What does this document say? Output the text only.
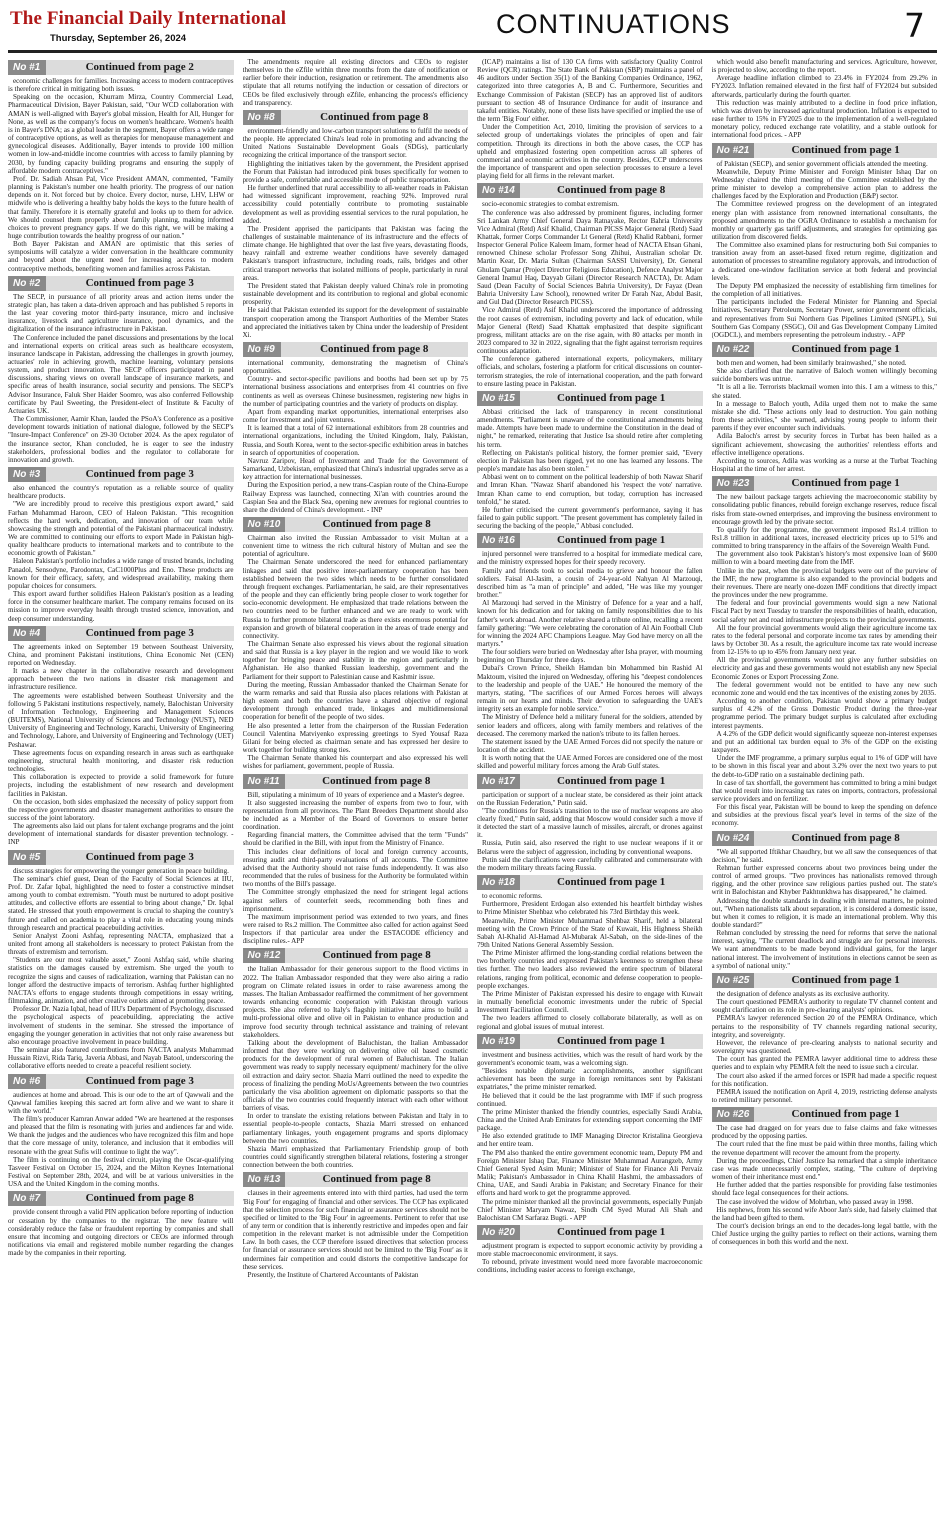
The Financial Daily International
Thursday, September 26, 2024	CONTINUATIONS	7
No #1	Continued from page 2

economic challenges for families. Increasing access to modern contraceptives is therefore critical in mitigating both issues.

Speaking on the occasion, Khurram Mirza, Country Commercial Lead, Pharmaceutical Division, Bayer Pakistan, said, "Our WCD collaboration with AMAN is well-aligned with Bayer's global mission, Health for All, Hunger for None, as well as the company's focus on women's healthcare. Women's health is in Bayer's DNA; as a global leader in the segment, Bayer offers a wide range of contraceptive options, as well as therapies for menopause management and gynecological diseases. Additionally, Bayer intends to provide 100 million women in low-and-middle income countries with access to family planning by 2030, by funding capacity building programs and ensuring the supply of affordable modern contraceptives."

Prof. Dr. Sadiah Ahsan Pal, Vice President AMAN, commented, "Family planning is Pakistan's number one health priority. The progress of our nation depends on it. Not forced but by choice. Every doctor, nurse, LHV, LHW or midwife who is delivering a healthy baby holds the keys to the future health of that family. Therefore it is eternally grateful and looks up to them for advice. We should counsel them properly about family planning, making informed choices to prevent pregnancy gaps. If we do this right, we will be making a huge contribution towards the healthy progress of our nation."

Both Bayer Pakistan and AMAN are optimistic that this series of symposiums will catalyze a wider conversation in the healthcare community and beyond about the urgent need for increasing access to modern contraceptive methods, benefiting women and families across Pakistan.

No #2	Continued from page 3

The SECP, in pursuance of all priority areas and action items under the strategic plan, has taken a data-driven approach and has published 5 reports in the last year covering motor third-party insurance, micro and inclusive insurance, livestock and agriculture insurance, pool dynamics, and the digitalization of the insurance infrastructure in Pakistan.

The Conference included the panel discussions and presentations by the local and international experts on critical areas such as healthcare ecosystem, insurance landscape in Pakistan, addressing the challenges in growth journey, actuaries' role in achieving growth, machine learning, voluntary pensions system, and product innovation. The SECP officers participated in panel discussions, sharing views on overall landscape of insurance markets, and specific areas of health insurance, social security and pensions. The SECP's Advisor Insurance, Faluk Sher Haider Soomro, was also conferred Fellowship certificate by Paul Sweeting, the President-elect of Institute & Faculty of Actuaries UK.

The Commissioner, Aamir Khan, lauded the PSoA's Conference as a positive development towards initiation of national dialogue, followed by the SECP's "Insure-Impact Conference" on 29-30 October 2024. As the apex regulator of the insurance sector, Khan concluded, he is eager to see the industry stakeholders, professional bodies and the regulator to collaborate for innovation and growth.

No #3	Continued from page 3

also enhanced the country's reputation as a reliable source of quality healthcare products.

"We are incredibly proud to receive this prestigious export award," said Farhan Muhammad Haroon, CEO of Haleon Pakistan. "This recognition reflects the hard work, dedication, and innovation of our team while showcasing the strength and potential of the Pakistani pharmaceutical industry. We are committed to continuing our efforts to export Made in Pakistan high-quality healthcare products to international markets and to contribute to the economic growth of Pakistan."

Haleon Pakistan's portfolio includes a wide range of trusted brands, including Panadol, Sensodyne, Parodontax, CaC1000Plus and Eno. These products are known for their efficacy, safety, and widespread availability, making them popular choices for consumers.

This export award further solidifies Haleon Pakistan's position as a leading force in the consumer healthcare market. The company remains focused on its mission to improve everyday health through trusted science, innovation, and deep consumer understanding.

No #4	Continued from page 3

The agreements inked on September 19 between Southeast University, China, and prominent Pakistani institutions, China Economic Net (CEN) reported on Wednesday.

It marks a new chapter in the collaborative research and development approach between the two nations in disaster risk management and infrastructure resilience.

The agreements were established between Southeast University and the following 5 Pakistani institutions respectively, namely, Balochistan University of Information Technology, Engineering and Management Sciences (BUITEMS), National University of Sciences and Technology (NUST), NED University of Engineering and Technology, Karachi, University of Engineering and Technology, Lahore, and University of Engineering and Technology (UET) Peshawar.

These agreements focus on expanding research in areas such as earthquake engineering, structural health monitoring, and disaster risk reduction technologies.

This collaboration is expected to provide a solid framework for future projects, including the establishment of new research and development facilities in Pakistan.

On the occasion, both sides emphasized the necessity of policy support from the respective governments and disaster management authorities to ensure the success of the joint laboratory.

The agreements also laid out plans for talent exchange programs and the joint development of international standards for disaster prevention technology. - INP

No #5	Continued from page 3

discuss strategies for empowering the younger generation in peace building.

The seminar's chief guest, Dean of the Faculty of Social Sciences at IIU, Prof. Dr. Zafar Iqbal, highlighted the need to foster a constructive mindset among youth to combat extremism. "Youth must be nurtured to adopt positive attitudes, and collective efforts are essential to bring about change," Dr. Iqbal stated. He stressed that youth empowerment is crucial to shaping the country's future and called on academia to play a vital role in educating young minds through research and practical peacebuilding activities.

Senior Analyst Zooni Ashfaq, representing NACTA, emphasized that a united front among all stakeholders is necessary to protect Pakistan from the threats of extremism and terrorism.

"Students are our most valuable asset," Zooni Ashfaq said, while sharing statistics on the damages caused by extremism. She urged the youth to recognize the signs and causes of radicalization, warning that Pakistan can no longer afford the destructive impacts of terrorism. Ashfaq further highlighted NACTA's efforts to engage students through competitions in essay writing, filmmaking, animation, and other creative outlets aimed at promoting peace.

Professor Dr. Nazia Iqbal, head of IIU's Department of Psychology, discussed the psychological aspects of peacebuilding, appreciating the active involvement of students in the seminar. She stressed the importance of engaging the younger generation in activities that not only raise awareness but also encourage proactive involvement in peace building.

The seminar also featured contributions from NACTA analysts Muhammad Hussain Rizvi, Rida Tariq, Javeria Abbasi, and Nayab Batool, underscoring the collaborative efforts needed to create a peaceful resilient society.

No #6	Continued from page 3

audiences at home and abroad. This is our ode to the art of Qawwali and the Qawwal families keeping this sacred art form alive and we want to share it with the world."

The film's producer Kamran Anwar added "We are heartened at the responses and pleased that the film is resonating with juries and audiences far and wide. We thank the judges and the audiences who have recognized this film and hope that the core message of unity, tolerance, and inclusion that it embodies will resonate with the great Sufis will continue to light the way".

The film is continuing on the festival circuit, playing the Oscar-qualifying Tasveer Festival on October 15, 2024, and the Milton Keynes International Festival on September 28th, 2024, and will be at various universities in the USA and the United Kingdom in the coming months.

No #7	Continued from page 8

provide consent through a valid PIN application before reporting of induction or cessation by the companies to the registrar. The new feature will considerably reduce the false or fraudulent reporting by companies and shall ensure that incoming and outgoing directors or CEOs are informed through notifications via email and registered mobile number regarding the changes made by the companies in their reporting.

The amendments require all existing directors and CEOs to register themselves in the eZfile within three months from the date of notification or earlier before their induction, resignation or retirement. The amendments also stipulate that all returns notifying the induction or cessation of directors or CEOs be filed exclusively through eZfile, enhancing the process's efficiency and transparency.

No #8	Continued from page 8

environment-friendly and low-carbon transport solutions to fulfil the needs of the people. He appreciated China's lead role in promoting and advancing the United Nations Sustainable Development Goals (SDGs), particularly recognizing the critical importance of the transport sector.

Highlighting the initiatives taken by the government, the President apprised the Forum that Pakistan had introduced pink buses specifically for women to provide a safe, comfortable and accessible mode of public transportation.

He further underlined that rural accessibility to all-weather roads in Pakistan had witnessed significant improvement, reaching 92%. Improved rural accessibility could potentially contribute to promoting sustainable development as well as providing essential services to the rural population, he added.

The President apprised the participants that Pakistan was facing the challenges of sustainable maintenance of its infrastructure and the effects of climate change. He highlighted that over the last five years, devastating floods, heavy rainfall and extreme weather conditions have severely damaged Pakistan's transport infrastructure, including roads, rails, bridges and other critical transport networks that isolated millions of people, particularly in rural areas.

The President stated that Pakistan deeply valued China's role in promoting sustainable development and its contribution to regional and global economic prosperity.

He said that Pakistan extended its support for the development of sustainable transport cooperation among the Transport Authorities of the Member States and appreciated the initiatives taken by China under the leadership of President Xi.

No #9	Continued from page 8

international community, demonstrating the magnetism of China's opportunities.

Country- and sector-specific pavilions and booths had been set up by 75 international business associations and enterprises from 41 countries on five continents as well as overseas Chinese businessmen, registering new highs in the number of participating countries and the variety of products on display.

Apart from expanding market opportunities, international enterprises also come for investment and joint ventures.

It is learned that a total of 62 international exhibitors from 28 countries and international organizations, including the United Kingdom, Italy, Pakistan, Russia, and South Korea, went to the sector-specific exhibition areas in batches in search of opportunities of cooperation.

Navruz Zaripov, Head of Investment and Trade for the Government of Samarkand, Uzbekistan, emphasized that China's industrial upgrades serve as a key attraction for international businesses.

During the Exposition period, a new trans-Caspian route of the China-Europe Railway Express was launched, connecting Xi'an with countries around the Caspian Sea and the Black Sea, opening new avenues for regional countries to share the dividend of China's development. - INP

No #10	Continued from page 8

Chairman also invited the Russian Ambassador to visit Multan at a convenient time to witness the rich cultural history of Multan and see the potential of agriculture.

The Chairman Senate underscored the need for enhanced parliamentary linkages and said that positive inter-parliamentary cooperation has been established between the two sides which needs to be further consolidated through frequent exchanges. Parliamentarian, he said, are their representatives of the people and they can efficiently bring people closer to work together for socio-economic development. He emphasized that trade relations between the two countries need to be further enhanced and we are ready to work with Russia to further promote bilateral trade as there exists enormous potential for expansion and growth of bilateral cooperation in the areas of trade energy and connectivity.

The Chairman Senate also expressed his views about the regional situation and said that Russia is a key player in the region and we would like to work together for bringing peace and stability in the region and particularly in Afghanistan. He also thanked Russian leadership, government and the Parliament for their support to Palestinian cause and Kashmir issue.

During the meeting, Russian Ambassador thanked the Chairman Senate for the warm remarks and said that Russia also places relations with Pakistan at high esteem and both the countries have a shared objective of regional development through enhanced trade, linkages and multidimensional cooperation for benefit of the people of two sides.

He also presented a letter from the chairperson of the Russian Federation Council Valentina Matviyenko expressing greetings to Syed Yousaf Raza Gilani for being elected as chairman senate and has expressed her desire to work together for building strong ties.

The Chairman Senate thanked his counterpart and also expressed his well wishes for parliament, government, people of Russia.

No #11	Continued from page 8

Bill, stipulating a minimum of 10 years of experience and a Master's degree.

It also suggested increasing the number of experts from two to four, with representation from all provinces. The Plant Breeders Department should also be included as a Member of the Board of Governors to ensure better coordination.

Regarding financial matters, the Committee advised that the term "Funds" should be clarified in the Bill, with input from the Ministry of Finance.

This includes clear definitions of local and foreign currency accounts, ensuring audit and third-party evaluations of all accounts. The Committee advised that the Authority should not raise funds independently. It was also recommended that the rules of business for the Authority be formulated within two months of the Bill's passage.

The Committee strongly emphasized the need for stringent legal actions against sellers of counterfeit seeds, recommending both fines and imprisonment.

The maximum imprisonment period was extended to two years, and fines were raised to Rs.2 million. The Committee also called for action against Seed Inspectors if that particular area under the ESTACODE efficiency and discipline rules.- APP

No #12	Continued from page 8

the Italian Ambassador for their generous support to the flood victims in 2022. The Italian Ambassador responded that they were also airing a radio program on Climate related issues in order to raise awareness among the masses. The Italian Ambassador reaffirmed the commitment of her government towards enhancing economic cooperation with Pakistan through various projects. She also referred to Italy's flagship initiative that aims to build a multi-professional olive and olive oil in Pakistan to enhance production and improve food security through technical assistance and training of relevant stakeholders.

Talking about the development of Baluchistan, the Italian Ambassador informed that they were working on delivering olive oil based cosmetic products for the development of rural women of Baluchistan. The Italian government was ready to supply necessary equipment/ machinery for the olive oil extraction and dairy sector. Shazia Marri outlined the need to expedite the process of finalizing the pending MoUs/Agreements between the two countries particularly the visa abolition agreement on diplomatic passports so that the officials of the two countries could frequently interact with each other without barriers of visas.

In order to translate the existing relations between Pakistan and Italy in to essential people-to-people contacts, Shazia Marri stressed on enhanced parliamentary linkages, youth engagement programs and sports diplomacy between the two countries.

Shazia Marri emphasized that Parliamentary Friendship group of both countries could significantly strengthen bilateral relations, fostering a stronger connection between the both countries.

No #13	Continued from page 8

clauses in their agreements entered into with third parties, had used the term 'Big Four' for engaging of financial and other services. The CCP has explicated that the selection process for such financial or assurance services should not be specified or limited to the 'Big Four' in agreements. Pertinent to refer that use of any term or condition that is inherently restrictive and impedes open and fair competition in the relevant market is not admissible under the Competition Law. In both cases, the CCP therefore issued directives that selection process for financial or assurance services should not be limited to the 'Big Four' as it undermines fair competition and could distorts the competitive landscape for these services.

Presently, the Institute of Chartered Accountants of Pakistan

(ICAP) maintains a list of 130 CA firms with satisfactory Quality Control Review (QCR) ratings. The State Bank of Pakistan (SBP) maintains a panel of 46 auditors under Section 35(1) of the Banking Companies Ordinance, 1962, categorized into three categories A, B and C. Furthermore, Securities and Exchange Commission of Pakistan (SECP) has an approved list of auditors pursuant to section 48 of Insurance Ordinance for audit of insurance and takaful entities. Notably, none of these lists have specified or implied the use of the term 'Big Four' either.

Under the Competition Act, 2010, limiting the provision of services to a selected group of undertakings violates the principles of open and fair competition. Through its directions in both the above cases, the CCP has upheld and emphasized fostering open competition across all spheres of commercial and economic activities in the country. Besides, CCP underscores the importance of transparent and open selection processes to ensure a level playing field for all firms in the relevant market.

No #14	Continued from page 8

socio-economic strategies to combat extremism.

The conference was also addressed by prominent figures, including former Sri Lankan Army Chief General Daya Ratnayake, Rector Bahria University Vice Admiral (Retd) Asif Khalid, Chairman PICSS Major General (Retd) Saad Khattak, former Corps Commander Lt General (Retd) Khalid Rabbani, former Inspector General Police Kaleem Imam, former head of NACTA Ehsan Ghani, renowned Chinese scholar Professor Song Zhihui, Australian scholar Dr. Martin Kear, Dr. Maria Sultan (Chairman SASSI University), Dr. General Ghulam Qamar (Project Director Religious Education), Defence Analyst Major General Inamul Haq, Dayyab Gilani (Director Research NACTA), Dr. Adam Saud (Dean Faculty of Social Sciences Bahria University), Dr Fayaz (Dean Bahria University Law School), renowned writer Dr Farah Naz, Abdul Basit, and Gul Dad (Director Research PICSS).

Vice Admiral (Retd) Asif Khalid underscored the importance of addressing the root causes of extremism, including poverty and lack of education, while Major General (Retd) Saad Khattak emphasized that despite significant progress, militant attacks are on the rise again, with 80 attacks per month in 2023 compared to 32 in 2022, signaling that the fight against terrorism requires continuous adaptation.

The conference gathered international experts, policymakers, military officials, and scholars, fostering a platform for critical discussions on counter-terrorism strategies, the role of international cooperation, and the path forward to ensure lasting peace in Pakistan.

No #15	Continued from page 1

Abbasi criticised the lack of transparency in recent constitutional amendments. "Parliament is unaware of the constitutional amendments being made. Attempts have been made to undermine the Constitution in the dead of night," he remarked, reiterating that Justice Isa should retire after completing his term.

Reflecting on Pakistan's political history, the former premier said, "Every election in Pakistan has been rigged, yet no one has learned any lessons. The people's mandate has also been stolen."

Abbasi went on to comment on the political leadership of both Nawaz Sharif and Imran Khan. "Nawaz Sharif abandoned his 'respect the vote' narrative. Imran Khan came to end corruption, but today, corruption has increased tenfold," he stated.

He further criticised the current government's performance, saying it has failed to gain public support. "The present government has completely failed in securing the backing of the people," Abbasi concluded.

No #16	Continued from page 1

injured personnel were transferred to a hospital for immediate medical care, and the ministry expressed hopes for their speedy recovery.

Family and friends took to social media to grieve and honour the fallen soldiers. Faisal Al-Jasim, a cousin of 24-year-old Nahyan Al Marzouqi, described him as "a man of principle" and added, "He was like my younger brother."

Al Marzouqi had served in the Ministry of Defence for a year and a half, known for his dedication and for taking on family responsibilities due to his father's work abroad. Another relative shared a tribute online, recalling a recent family gathering: "We were celebrating the coronation of Al Ain Football Club for winning the 2024 AFC Champions League. May God have mercy on all the martyrs."

The four soldiers were buried on Wednesday after Isha prayer, with mourning beginning on Thursday for three days.

Dubai's Crown Prince, Sheikh Hamdan bin Mohammed bin Rashid Al Maktoum, visited the injured on Wednesday, offering his "deepest condolences to the leadership and people of the UAE." He honoured the memory of the martyrs, stating, "The sacrifices of our Armed Forces heroes will always remain in our hearts and minds. Their devotion to safeguarding the UAE's integrity sets an example for noble service."

The Ministry of Defence held a military funeral for the soldiers, attended by senior leaders and officers, along with family members and relatives of the deceased. The ceremony marked the nation's tribute to its fallen heroes.

The statement issued by the UAE Armed Forces did not specify the nature or location of the accident.

It is worth noting that the UAE Armed Forces are considered one of the most skilled and powerful military forces among the Arab Gulf states.

No #17	Continued from page 1

participation or support of a nuclear state, be considered as their joint attack on the Russian Federation," Putin said.

"The conditions for Russia's transition to the use of nuclear weapons are also clearly fixed," Putin said, adding that Moscow would consider such a move if it detected the start of a massive launch of missiles, aircraft, or drones against it.

Russia, Putin said, also reserved the right to use nuclear weapons if it or Belarus were the subject of aggression, including by conventional weapons.

Putin said the clarifications were carefully calibrated and commensurate with the modern military threats facing Russia.

No #18	Continued from page 1

to economic reforms.

Furthermore, President Erdogan also extended his heartfelt birthday wishes to Prime Minister Shehbaz who celebrated his 73rd Birthday this week.

Meanwhile, Prime Minister Muhammad Shehbaz Sharif, held a bilateral meeting with the Crown Prince of the State of Kuwait, His Highness Sheikh Sabah Al-Khalid Al-Hamad Al-Mubarak Al-Sabah, on the side-lines of the 79th United Nations General Assembly Session.

The Prime Minister affirmed the long-standing cordial relations between the two brotherly countries and expressed Pakistan's keenness to strengthen these ties further. The two leaders also reviewed the entire spectrum of bilateral relations, ranging from political, economic and defense cooperation to people-people exchanges.

The Prime Minister of Pakistan expressed his desire to engage with Kuwait in mutually beneficial economic investments under the rubric of Special Investment Facilitation Council.

The two leaders affirmed to closely collaborate bilaterally, as well as on regional and global issues of mutual interest.

No #19	Continued from page 1

investment and business activities, which was the result of hard work by the government's economic team, was a welcoming sign.

"Besides notable diplomatic accomplishments, another significant achievement has been the surge in foreign remittances sent by Pakistani expatriates," the prime minister remarked.

He believed that it could be the last programme with IMF if such progress continued.

The prime Minister thanked the friendly countries, especially Saudi Arabia, China and the United Arab Emirates for extending support concerning the IMF package.

He also extended gratitude to IMF Managing Director Kristalina Georgieva and her entire team.

The PM also thanked the entire government economic team, Deputy PM and Foreign Minister Ishaq Dar, Finance Minister Muhammad Aurangzeb, Army Chief General Syed Asim Munir; Minister of State for Finance Ali Pervaiz Malik; Pakistan's Ambassador in China Khalil Hashmi, the ambassadors of China, UAE, and Saudi Arabia in Pakistan; and Secretary Finance for their efforts and hard work to get the programme approved.

The prime minister thanked all the provincial governments, especially Punjab Chief Minister Maryam Nawaz, Sindh CM Syed Murad Ali Shah and Balochistan CM Sarfaraz Bugti. - APP

No #20	Continued from page 1

adjustment program is expected to support economic activity by providing a more stable macroeconomic environment, it says.

To rebound, private investment would need more favorable macroeconomic conditions, including easier access to foreign exchange,

which would also benefit manufacturing and services. Agriculture, however, is projected to slow, according to the report.

Average headline inflation climbed to 23.4% in FY2024 from 29.2% in FY2023. Inflation remained elevated in the first half of FY2024 but subsided afterwards, particularly during the fourth quarter.

This reduction was mainly attributed to a decline in food price inflation, which was driven by increased agricultural production. Inflation is expected to ease further to 15% in FY2025 due to the implementation of a well-regulated monetary policy, reduced exchange rate volatility, and a stable outlook for international food prices. - APP

No #21	Continued from page 1

of Pakistan (SECP), and senior government officials attended the meeting.

Meanwhile, Deputy Prime Minister and Foreign Minister Ishaq Dar on Wednesday chaired the third meeting of the Committee established by the prime minister to develop a comprehensive action plan to address the challenges faced by the Exploration and Production (E&P) sector.

The Committee reviewed progress on the development of an integrated energy plan with assistance from renowned international consultants, the proposed amendments to the OGRA Ordinance to establish a mechanism for monthly or quarterly gas tariff adjustments, and strategies for optimizing gas utilization from discovered fields.

The Committee also examined plans for restructuring both Sui companies to transition away from an asset-based fixed return regime, digitization and automation of processes to streamline regulatory approvals, and introduction of a dedicated one-window facilitation service at both federal and provincial levels.

The Deputy PM emphasized the necessity of establishing firm timelines for the completion of all initiatives.

The participants included the Federal Minister for Planning and Special Initiatives, Secretary Petroleum, Secretary Power, senior government officials, and representatives from Sui Northern Gas Pipelines Limited (SNGPL), Sui Southern Gas Company (SSGC), Oil and Gas Development Company Limited (OGDCL), and members representing the petroleum industry. - APP

No #22	Continued from page 1

both men and women, had been similarly brainwashed," she noted.

She also clarified that the narrative of Baloch women willingly becoming suicide bombers was untrue.

"It is all a lie. Terrorists blackmail women into this. I am a witness to this," she stated.

In a message to Baloch youth, Adila urged them not to make the same mistake she did. "These actions only lead to destruction. You gain nothing from these activities," she warned, advising young people to inform their parents if they ever encounter such individuals.

Adila Baloch's arrest by security forces in Turbat has been hailed as a significant achievement, showcasing the authorities' relentless efforts and effective intelligence operations.

According to sources, Adila was working as a nurse at the Turbat Teaching Hospital at the time of her arrest.

No #23	Continued from page 1

The new bailout package targets achieving the macroeconomic stability by consolidating public finances, rebuild foreign exchange reserves, reduce fiscal risks from state-owned enterprises, and improving the business environment to encourage growth led by the private sector.

To qualify for the programme, the government imposed Rs1.4 trillion to Rs1.8 trillion in additional taxes, increased electricity prices up to 51% and committed to bring transparency in the affairs of the Sovereign Wealth Fund.

The government also took Pakistan's history's most expensive loan of $600 million to win a board meeting date from the IMF.

Unlike in the past, when the provincial budgets were out of the purview of the IMF, the new programme is also expanded to the provincial budgets and their revenues. There are nearly one-dozen IMF conditions that directly impact the provinces under the new programme.

The federal and four provincial governments would sign a new National Fiscal Pact by next Tuesday to transfer the responsibilities of health, education, social safety net and road infrastructure projects to the provincial governments.

All the four provincial governments would align their agriculture income tax rates to the federal personal and corporate income tax rates by amending their laws by October 30. As a result, the agriculture income tax rate would increase from 12-15% to up to 45% from January next year.

All the provincial governments would not give any further subsidies on electricity and gas and these governments would not establish any new Special Economic Zones or Export Processing Zone.

The federal government would not be entitled to have any new such economic zone and would end the tax incentives of the existing zones by 2035.

According to another condition, Pakistan would show a primary budget surplus of 4.2% of the Gross Domestic Product during the three-year programme period. The primary budget surplus is calculated after excluding interest payments.

A 4.2% of the GDP deficit would significantly squeeze non-interest expenses and put an additional tax burden equal to 3% of the GDP on the existing taxpayers.

Under the IMF programme, a primary surplus equal to 1% of GDP will have to be shown in this fiscal year and about 3.2% over the next two years to put the debt-to-GDP ratio on a sustainable declining path.

In case of tax shortfall, the government has committed to bring a mini budget that would result into increasing tax rates on imports, contractors, professional service providers and on fertilizer.

For this fiscal year, Pakistan will be bound to keep the spending on defence and subsidies at the previous fiscal year's level in terms of the size of the economy.

No #24	Continued from page 8

"We all supported Iftikhar Chaudhry, but we all saw the consequences of that decision," he said.

Rehman further expressed concerns about two provinces being under the control of armed groups. "Two provinces has nationalists removed through rigging, and the other province saw religious parties pushed out. The state's writ in Balochistan and Khyber Pakhtunkhwa has disappeared," he claimed.

Addressing the double standards in dealing with internal matters, he pointed out, "When nationalists talk about separation, it is considered a domestic issue, but when it comes to religion, it is made an international problem. Why this double standard?"

Rehman concluded by stressing the need for reforms that serve the national interest, saying, "The current deadlock and struggle are for personal interests. We want amendments to be made beyond individual gains, for the larger national interest. The involvement of institutions in elections cannot be seen as a symbol of national unity."

No #25	Continued from page 1

the designation of defence analysts as its exclusive authority.

The court questioned PEMRA's authority to regulate TV channel content and sought clarification on its role in pre-clearing analysts' opinions.

PEMRA's lawyer referenced Section 20 of the PEMRA Ordinance, which pertains to the responsibility of TV channels regarding national security, integrity, and sovereignty.

However, the relevance of pre-clearing analysts to national security and sovereignty was questioned.

The court has granted the PEMRA lawyer additional time to address these queries and to explain why PEMRA felt the need to issue such a circular.

The court also asked if the armed forces or ISPR had made a specific request for this notification.

PEMRA issued the notification on April 4, 2019, restricting defense analysts to retired military personnel.

No #26	Continued from page 1

The case had dragged on for years due to false claims and fake witnesses produced by the opposing parties.

The court ruled that the fine must be paid within three months, failing which the revenue department will recover the amount from the property.

During the proceedings, Chief Justice Isa remarked that a simple inheritance case was made unnecessarily complex, stating, "The culture of depriving women of their inheritance must end."

He further added that the parties responsible for providing false testimonies should face legal consequences for their actions.

The case involved the widow of Mohrban, who passed away in 1998.

His nephews, from his second wife Aboor Jan's side, had falsely claimed that the land had been gifted to them.

The court's decision brings an end to the decades-long legal battle, with the Chief Justice urging the guilty parties to reflect on their actions, warning them of consequences in both this world and the next.
